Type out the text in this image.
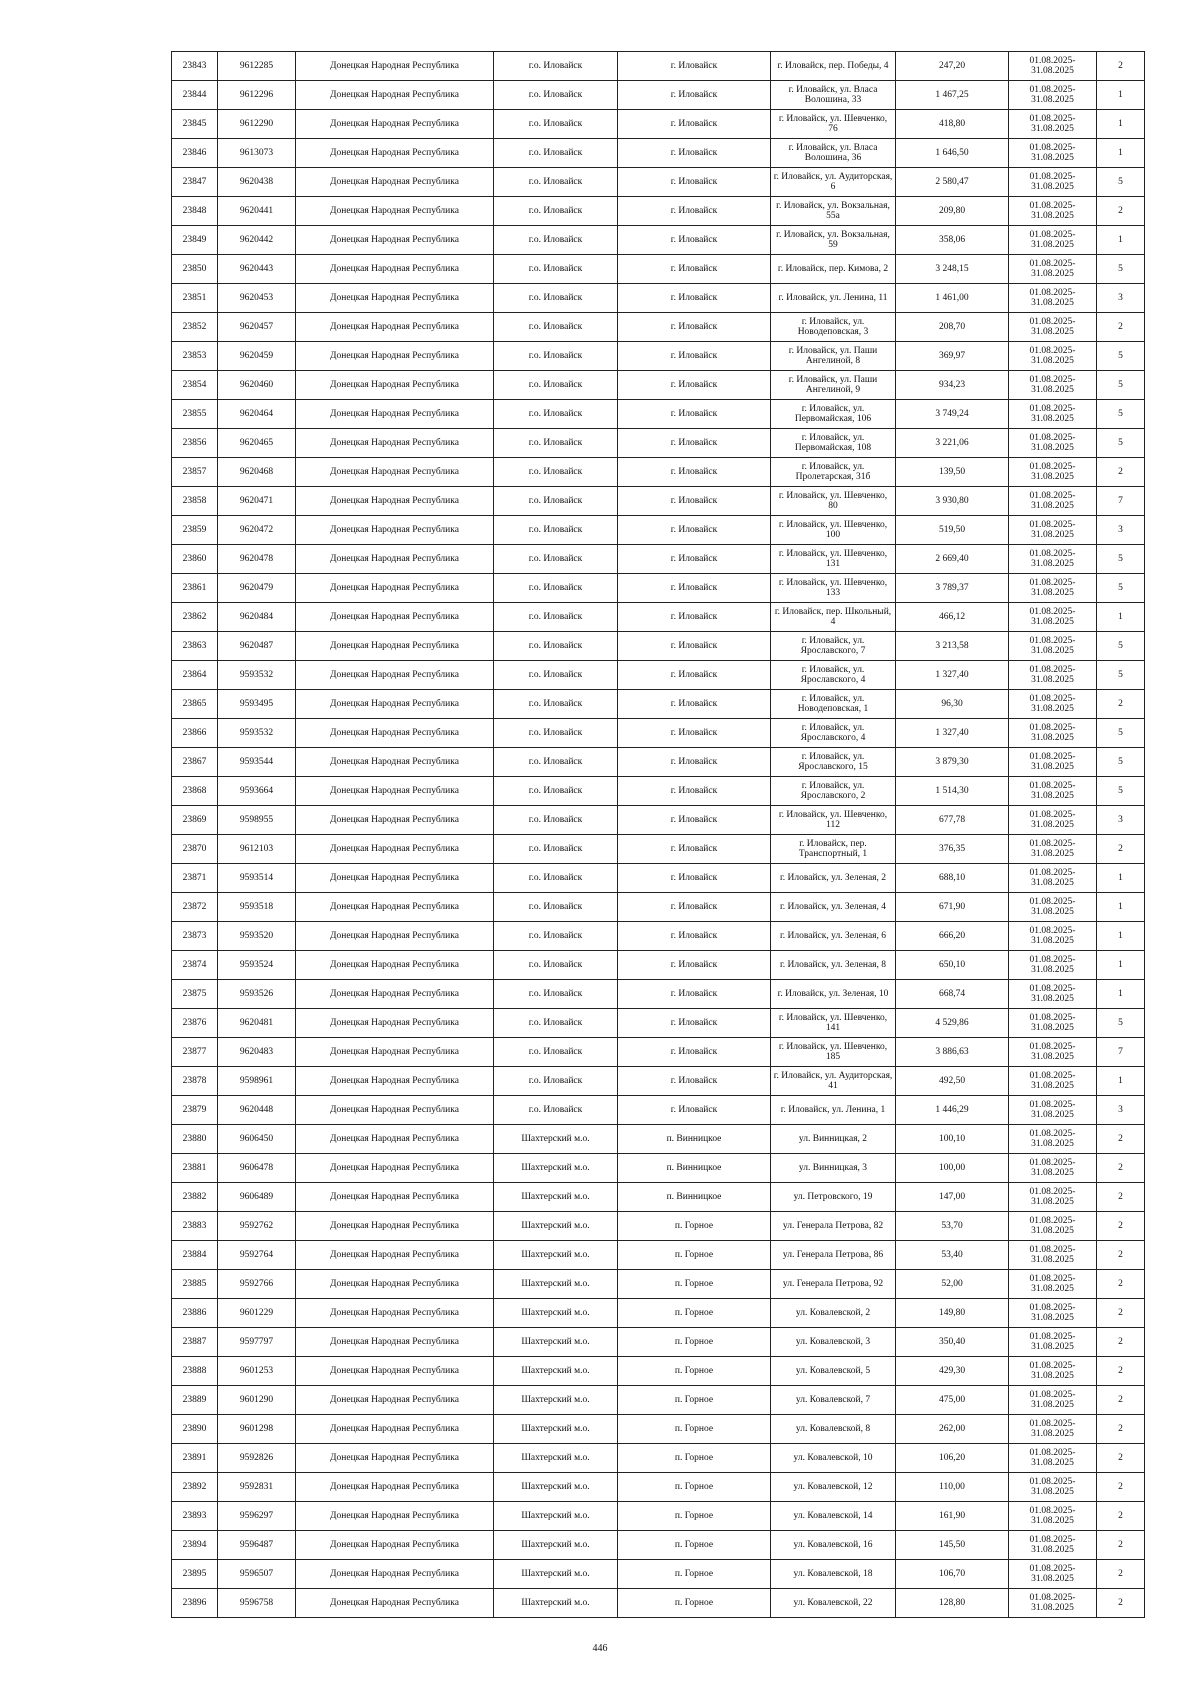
23843	9612285	Донецкая Народная Республика	г.о. Иловайск	г. Иловайск	г. Иловайск, пер. Победы, 4	247,20	01.08.2025-31.08.2025	2
23844	9612296	Донецкая Народная Республика	г.о. Иловайск	г. Иловайск	г. Иловайск, ул. Власа Волошина, 33	1 467,25	01.08.2025-31.08.2025	1
23845	9612290	Донецкая Народная Республика	г.о. Иловайск	г. Иловайск	г. Иловайск, ул. Шевченко, 76	418,80	01.08.2025-31.08.2025	1
23846	9613073	Донецкая Народная Республика	г.о. Иловайск	г. Иловайск	г. Иловайск, ул. Власа Волошина, 36	1 646,50	01.08.2025-31.08.2025	1
23847	9620438	Донецкая Народная Республика	г.о. Иловайск	г. Иловайск	г. Иловайск, ул. Аудиторская, 6	2 580,47	01.08.2025-31.08.2025	5
23848	9620441	Донецкая Народная Республика	г.о. Иловайск	г. Иловайск	г. Иловайск, ул. Вокзальная, 55а	209,80	01.08.2025-31.08.2025	2
23849	9620442	Донецкая Народная Республика	г.о. Иловайск	г. Иловайск	г. Иловайск, ул. Вокзальная, 59	358,06	01.08.2025-31.08.2025	1
23850	9620443	Донецкая Народная Республика	г.о. Иловайск	г. Иловайск	г. Иловайск, пер. Кимова, 2	3 248,15	01.08.2025-31.08.2025	5
23851	9620453	Донецкая Народная Республика	г.о. Иловайск	г. Иловайск	г. Иловайск, ул. Ленина, 11	1 461,00	01.08.2025-31.08.2025	3
23852	9620457	Донецкая Народная Республика	г.о. Иловайск	г. Иловайск	г. Иловайск, ул. Новодеповская, 3	208,70	01.08.2025-31.08.2025	2
23853	9620459	Донецкая Народная Республика	г.о. Иловайск	г. Иловайск	г. Иловайск, ул. Паши Ангелиной, 8	369,97	01.08.2025-31.08.2025	5
23854	9620460	Донецкая Народная Республика	г.о. Иловайск	г. Иловайск	г. Иловайск, ул. Паши Ангелиной, 9	934,23	01.08.2025-31.08.2025	5
23855	9620464	Донецкая Народная Республика	г.о. Иловайск	г. Иловайск	г. Иловайск, ул. Первомайская, 106	3 749,24	01.08.2025-31.08.2025	5
23856	9620465	Донецкая Народная Республика	г.о. Иловайск	г. Иловайск	г. Иловайск, ул. Первомайская, 108	3 221,06	01.08.2025-31.08.2025	5
23857	9620468	Донецкая Народная Республика	г.о. Иловайск	г. Иловайск	г. Иловайск, ул. Пролетарская, 31б	139,50	01.08.2025-31.08.2025	2
23858	9620471	Донецкая Народная Республика	г.о. Иловайск	г. Иловайск	г. Иловайск, ул. Шевченко, 80	3 930,80	01.08.2025-31.08.2025	7
23859	9620472	Донецкая Народная Республика	г.о. Иловайск	г. Иловайск	г. Иловайск, ул. Шевченко, 100	519,50	01.08.2025-31.08.2025	3
23860	9620478	Донецкая Народная Республика	г.о. Иловайск	г. Иловайск	г. Иловайск, ул. Шевченко, 131	2 669,40	01.08.2025-31.08.2025	5
23861	9620479	Донецкая Народная Республика	г.о. Иловайск	г. Иловайск	г. Иловайск, ул. Шевченко, 133	3 789,37	01.08.2025-31.08.2025	5
23862	9620484	Донецкая Народная Республика	г.о. Иловайск	г. Иловайск	г. Иловайск, пер. Школьный, 4	466,12	01.08.2025-31.08.2025	1
23863	9620487	Донецкая Народная Республика	г.о. Иловайск	г. Иловайск	г. Иловайск, ул. Ярославского, 7	3 213,58	01.08.2025-31.08.2025	5
23864	9593532	Донецкая Народная Республика	г.о. Иловайск	г. Иловайск	г. Иловайск, ул. Ярославского, 4	1 327,40	01.08.2025-31.08.2025	5
23865	9593495	Донецкая Народная Республика	г.о. Иловайск	г. Иловайск	г. Иловайск, ул. Новодеповская, 1	96,30	01.08.2025-31.08.2025	2
23866	9593532	Донецкая Народная Республика	г.о. Иловайск	г. Иловайск	г. Иловайск, ул. Ярославского, 4	1 327,40	01.08.2025-31.08.2025	5
23867	9593544	Донецкая Народная Республика	г.о. Иловайск	г. Иловайск	г. Иловайск, ул. Ярославского, 15	3 879,30	01.08.2025-31.08.2025	5
23868	9593664	Донецкая Народная Республика	г.о. Иловайск	г. Иловайск	г. Иловайск, ул. Ярославского, 2	1 514,30	01.08.2025-31.08.2025	5
23869	9598955	Донецкая Народная Республика	г.о. Иловайск	г. Иловайск	г. Иловайск, ул. Шевченко, 112	677,78	01.08.2025-31.08.2025	3
23870	9612103	Донецкая Народная Республика	г.о. Иловайск	г. Иловайск	г. Иловайск, пер. Транспортный, 1	376,35	01.08.2025-31.08.2025	2
23871	9593514	Донецкая Народная Республика	г.о. Иловайск	г. Иловайск	г. Иловайск, ул. Зеленая, 2	688,10	01.08.2025-31.08.2025	1
23872	9593518	Донецкая Народная Республика	г.о. Иловайск	г. Иловайск	г. Иловайск, ул. Зеленая, 4	671,90	01.08.2025-31.08.2025	1
23873	9593520	Донецкая Народная Республика	г.о. Иловайск	г. Иловайск	г. Иловайск, ул. Зеленая, 6	666,20	01.08.2025-31.08.2025	1
23874	9593524	Донецкая Народная Республика	г.о. Иловайск	г. Иловайск	г. Иловайск, ул. Зеленая, 8	650,10	01.08.2025-31.08.2025	1
23875	9593526	Донецкая Народная Республика	г.о. Иловайск	г. Иловайск	г. Иловайск, ул. Зеленая, 10	668,74	01.08.2025-31.08.2025	1
23876	9620481	Донецкая Народная Республика	г.о. Иловайск	г. Иловайск	г. Иловайск, ул. Шевченко, 141	4 529,86	01.08.2025-31.08.2025	5
23877	9620483	Донецкая Народная Республика	г.о. Иловайск	г. Иловайск	г. Иловайск, ул. Шевченко, 185	3 886,63	01.08.2025-31.08.2025	7
23878	9598961	Донецкая Народная Республика	г.о. Иловайск	г. Иловайск	г. Иловайск, ул. Аудиторская, 41	492,50	01.08.2025-31.08.2025	1
23879	9620448	Донецкая Народная Республика	г.о. Иловайск	г. Иловайск	г. Иловайск, ул. Ленина, 1	1 446,29	01.08.2025-31.08.2025	3
23880	9606450	Донецкая Народная Республика	Шахтерский м.о.	п. Винницкое	ул. Винницкая, 2	100,10	01.08.2025-31.08.2025	2
23881	9606478	Донецкая Народная Республика	Шахтерский м.о.	п. Винницкое	ул. Винницкая, 3	100,00	01.08.2025-31.08.2025	2
23882	9606489	Донецкая Народная Республика	Шахтерский м.о.	п. Винницкое	ул. Петровского, 19	147,00	01.08.2025-31.08.2025	2
23883	9592762	Донецкая Народная Республика	Шахтерский м.о.	п. Горное	ул. Генерала Петрова, 82	53,70	01.08.2025-31.08.2025	2
23884	9592764	Донецкая Народная Республика	Шахтерский м.о.	п. Горное	ул. Генерала Петрова, 86	53,40	01.08.2025-31.08.2025	2
23885	9592766	Донецкая Народная Республика	Шахтерский м.о.	п. Горное	ул. Генерала Петрова, 92	52,00	01.08.2025-31.08.2025	2
23886	9601229	Донецкая Народная Республика	Шахтерский м.о.	п. Горное	ул. Ковалевской, 2	149,80	01.08.2025-31.08.2025	2
23887	9597797	Донецкая Народная Республика	Шахтерский м.о.	п. Горное	ул. Ковалевской, 3	350,40	01.08.2025-31.08.2025	2
23888	9601253	Донецкая Народная Республика	Шахтерский м.о.	п. Горное	ул. Ковалевской, 5	429,30	01.08.2025-31.08.2025	2
23889	9601290	Донецкая Народная Республика	Шахтерский м.о.	п. Горное	ул. Ковалевской, 7	475,00	01.08.2025-31.08.2025	2
23890	9601298	Донецкая Народная Республика	Шахтерский м.о.	п. Горное	ул. Ковалевской, 8	262,00	01.08.2025-31.08.2025	2
23891	9592826	Донецкая Народная Республика	Шахтерский м.о.	п. Горное	ул. Ковалевской, 10	106,20	01.08.2025-31.08.2025	2
23892	9592831	Донецкая Народная Республика	Шахтерский м.о.	п. Горное	ул. Ковалевской, 12	110,00	01.08.2025-31.08.2025	2
23893	9596297	Донецкая Народная Республика	Шахтерский м.о.	п. Горное	ул. Ковалевской, 14	161,90	01.08.2025-31.08.2025	2
23894	9596487	Донецкая Народная Республика	Шахтерский м.о.	п. Горное	ул. Ковалевской, 16	145,50	01.08.2025-31.08.2025	2
23895	9596507	Донецкая Народная Республика	Шахтерский м.о.	п. Горное	ул. Ковалевской, 18	106,70	01.08.2025-31.08.2025	2
23896	9596758	Донецкая Народная Республика	Шахтерский м.о.	п. Горное	ул. Ковалевской, 22	128,80	01.08.2025-31.08.2025	2
446
